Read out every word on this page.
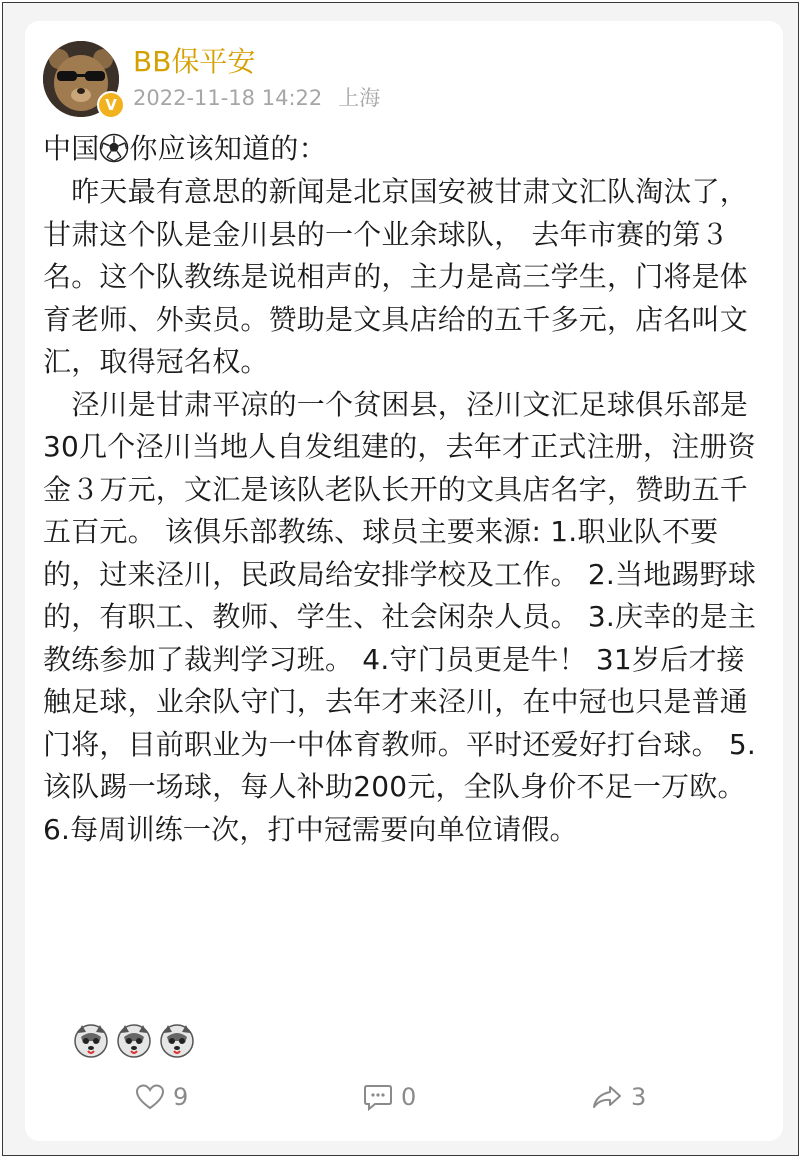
V
BB保平安
2022-11-18 14:22 上海

中国 你应该知道的：

　昨天最有意思的新闻是北京国安被甘肃文汇队淘汰了，甘肃这个队是金川县的一个业余球队， 去年市赛的第３名。这个队教练是说相声的，主力是高三学生，门将是体育老师、外卖员。赞助是文具店给的五千多元，店名叫文汇，取得冠名权。

　泾川是甘肃平凉的一个贫困县，泾川文汇足球俱乐部是30几个泾川当地人自发组建的，去年才正式注册，注册资金３万元，文汇是该队老队长开的文具店名字，赞助五千五百元。 该俱乐部教练、球员主要来源: 1.职业队不要的，过来泾川，民政局给安排学校及工作。 2.当地踢野球的，有职工、教师、学生、社会闲杂人员。 3.庆幸的是主教练参加了裁判学习班。 4.守门员更是牛！ 31岁后才接触足球，业余队守门，去年才来泾川，在中冠也只是普通门将，目前职业为一中体育教师。平时还爱好打台球。 5.该队踢一场球，每人补助200元，全队身价不足一万欧。 6.每周训练一次，打中冠需要向单位请假。

9	0	3
